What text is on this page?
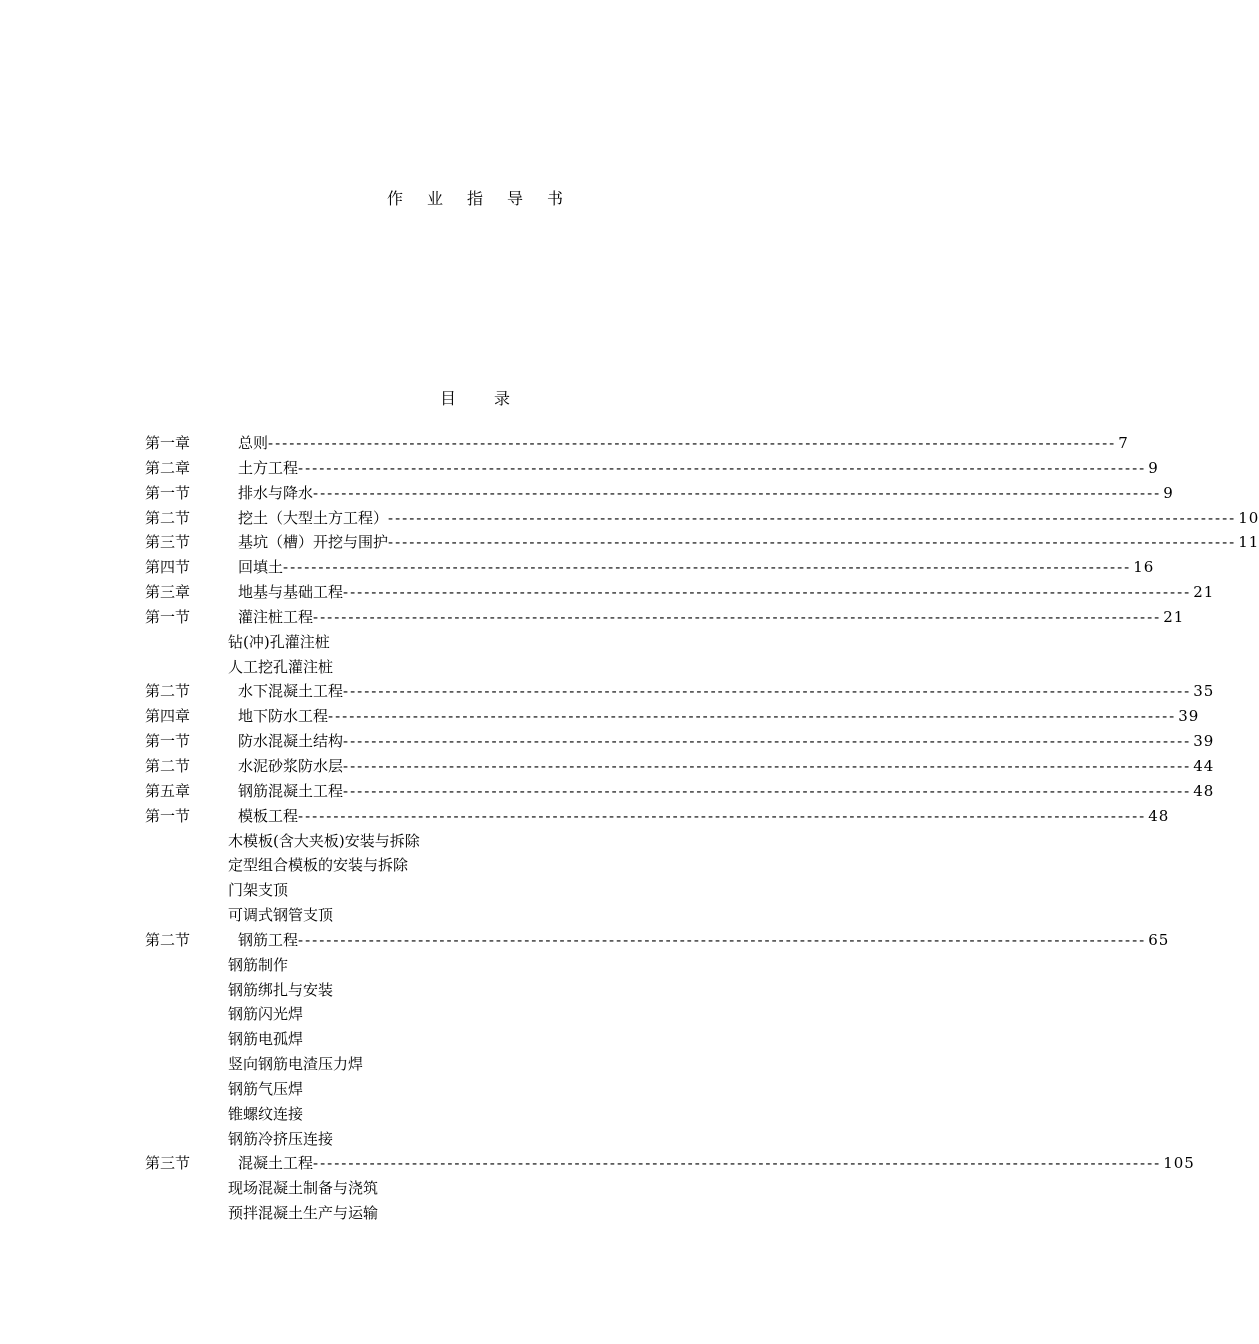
作业指导书
目录
第一章	总则 ------------------------------------------------------------------------------------------------------------------------ 7
第二章	土方工程 ------------------------------------------------------------------------------------------------------------------------ 9
第一节	排水与降水 ------------------------------------------------------------------------------------------------------------------------ 9
第二节	挖土（大型土方工程） ------------------------------------------------------------------------------------------------------------------------ 10
第三节	基坑（槽）开挖与围护 ------------------------------------------------------------------------------------------------------------------------ 11
第四节	回填土 ------------------------------------------------------------------------------------------------------------------------ 16
第三章	地基与基础工程 ------------------------------------------------------------------------------------------------------------------------ 21
第一节	灌注桩工程 ------------------------------------------------------------------------------------------------------------------------ 21
钻(冲)孔灌注桩
人工挖孔灌注桩
第二节	水下混凝土工程 ------------------------------------------------------------------------------------------------------------------------ 35
第四章	地下防水工程 ------------------------------------------------------------------------------------------------------------------------ 39
第一节	防水混凝土结构 ------------------------------------------------------------------------------------------------------------------------ 39
第二节	水泥砂浆防水层 ------------------------------------------------------------------------------------------------------------------------ 44
第五章	钢筋混凝土工程 ------------------------------------------------------------------------------------------------------------------------ 48
第一节	模板工程 ------------------------------------------------------------------------------------------------------------------------ 48
木模板(含大夹板)安装与拆除
定型组合模板的安装与拆除
门架支顶
可调式钢管支顶
第二节	钢筋工程 ------------------------------------------------------------------------------------------------------------------------ 65
钢筋制作
钢筋绑扎与安装
钢筋闪光焊
钢筋电孤焊
竖向钢筋电渣压力焊
钢筋气压焊
锥螺纹连接
钢筋冷挤压连接
第三节	混凝土工程 ------------------------------------------------------------------------------------------------------------------------ 105
现场混凝土制备与浇筑
预拌混凝土生产与运输
